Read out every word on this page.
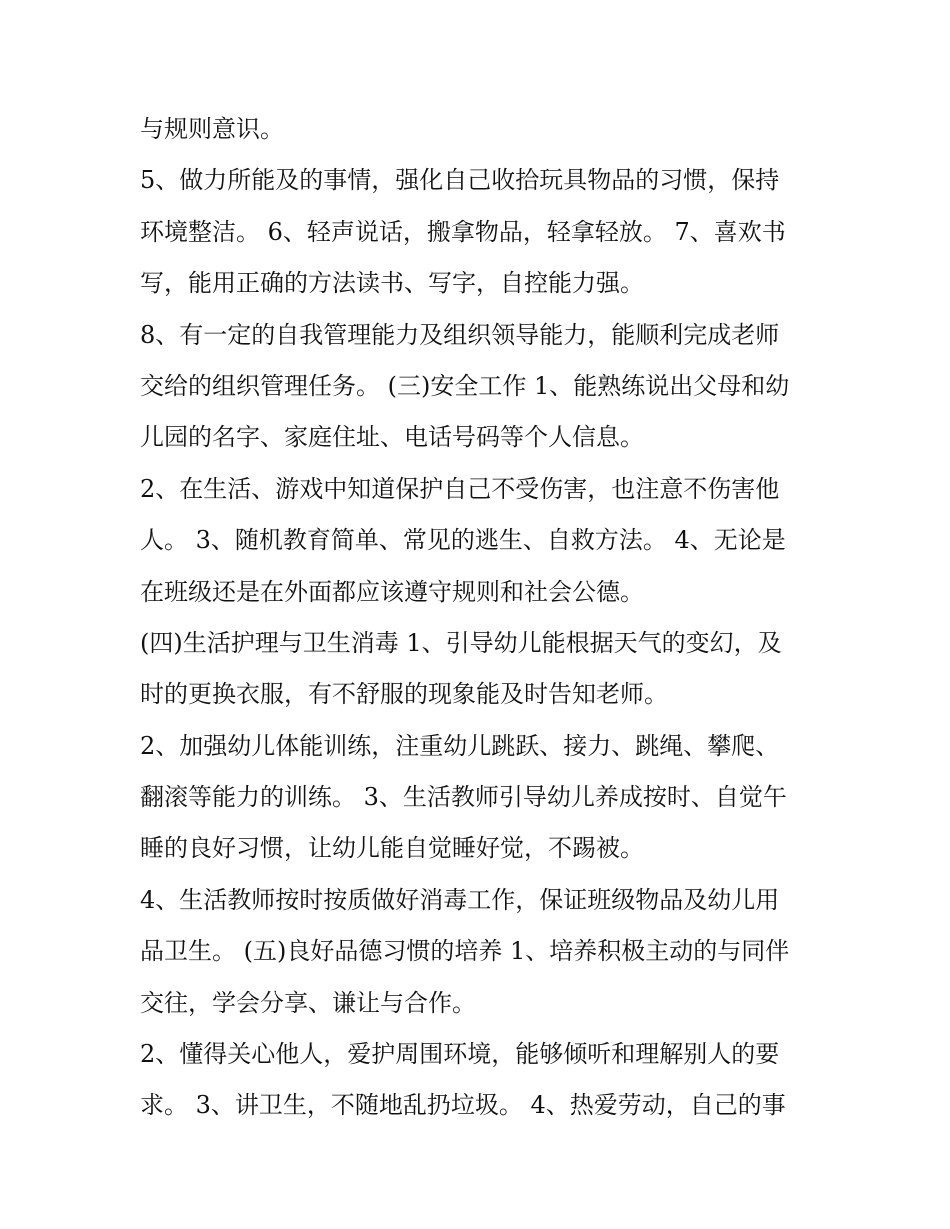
与规则意识。
5、做力所能及的事情，强化自己收拾玩具物品的习惯，保持
环境整洁。 6、轻声说话，搬拿物品，轻拿轻放。 7、喜欢书
写，能用正确的方法读书、写字，自控能力强。
8、有一定的自我管理能力及组织领导能力，能顺利完成老师
交给的组织管理任务。 (三)安全工作 1、能熟练说出父母和幼
儿园的名字、家庭住址、电话号码等个人信息。
2、在生活、游戏中知道保护自己不受伤害，也注意不伤害他
人。 3、随机教育简单、常见的逃生、自救方法。 4、无论是
在班级还是在外面都应该遵守规则和社会公德。
(四)生活护理与卫生消毒 1、引导幼儿能根据天气的变幻，及
时的更换衣服，有不舒服的现象能及时告知老师。
2、加强幼儿体能训练，注重幼儿跳跃、接力、跳绳、攀爬、
翻滚等能力的训练。 3、生活教师引导幼儿养成按时、自觉午
睡的良好习惯，让幼儿能自觉睡好觉，不踢被。
4、生活教师按时按质做好消毒工作，保证班级物品及幼儿用
品卫生。 (五)良好品德习惯的培养 1、培养积极主动的与同伴
交往，学会分享、谦让与合作。
2、懂得关心他人，爱护周围环境，能够倾听和理解别人的要
求。 3、讲卫生，不随地乱扔垃圾。 4、热爱劳动，自己的事
